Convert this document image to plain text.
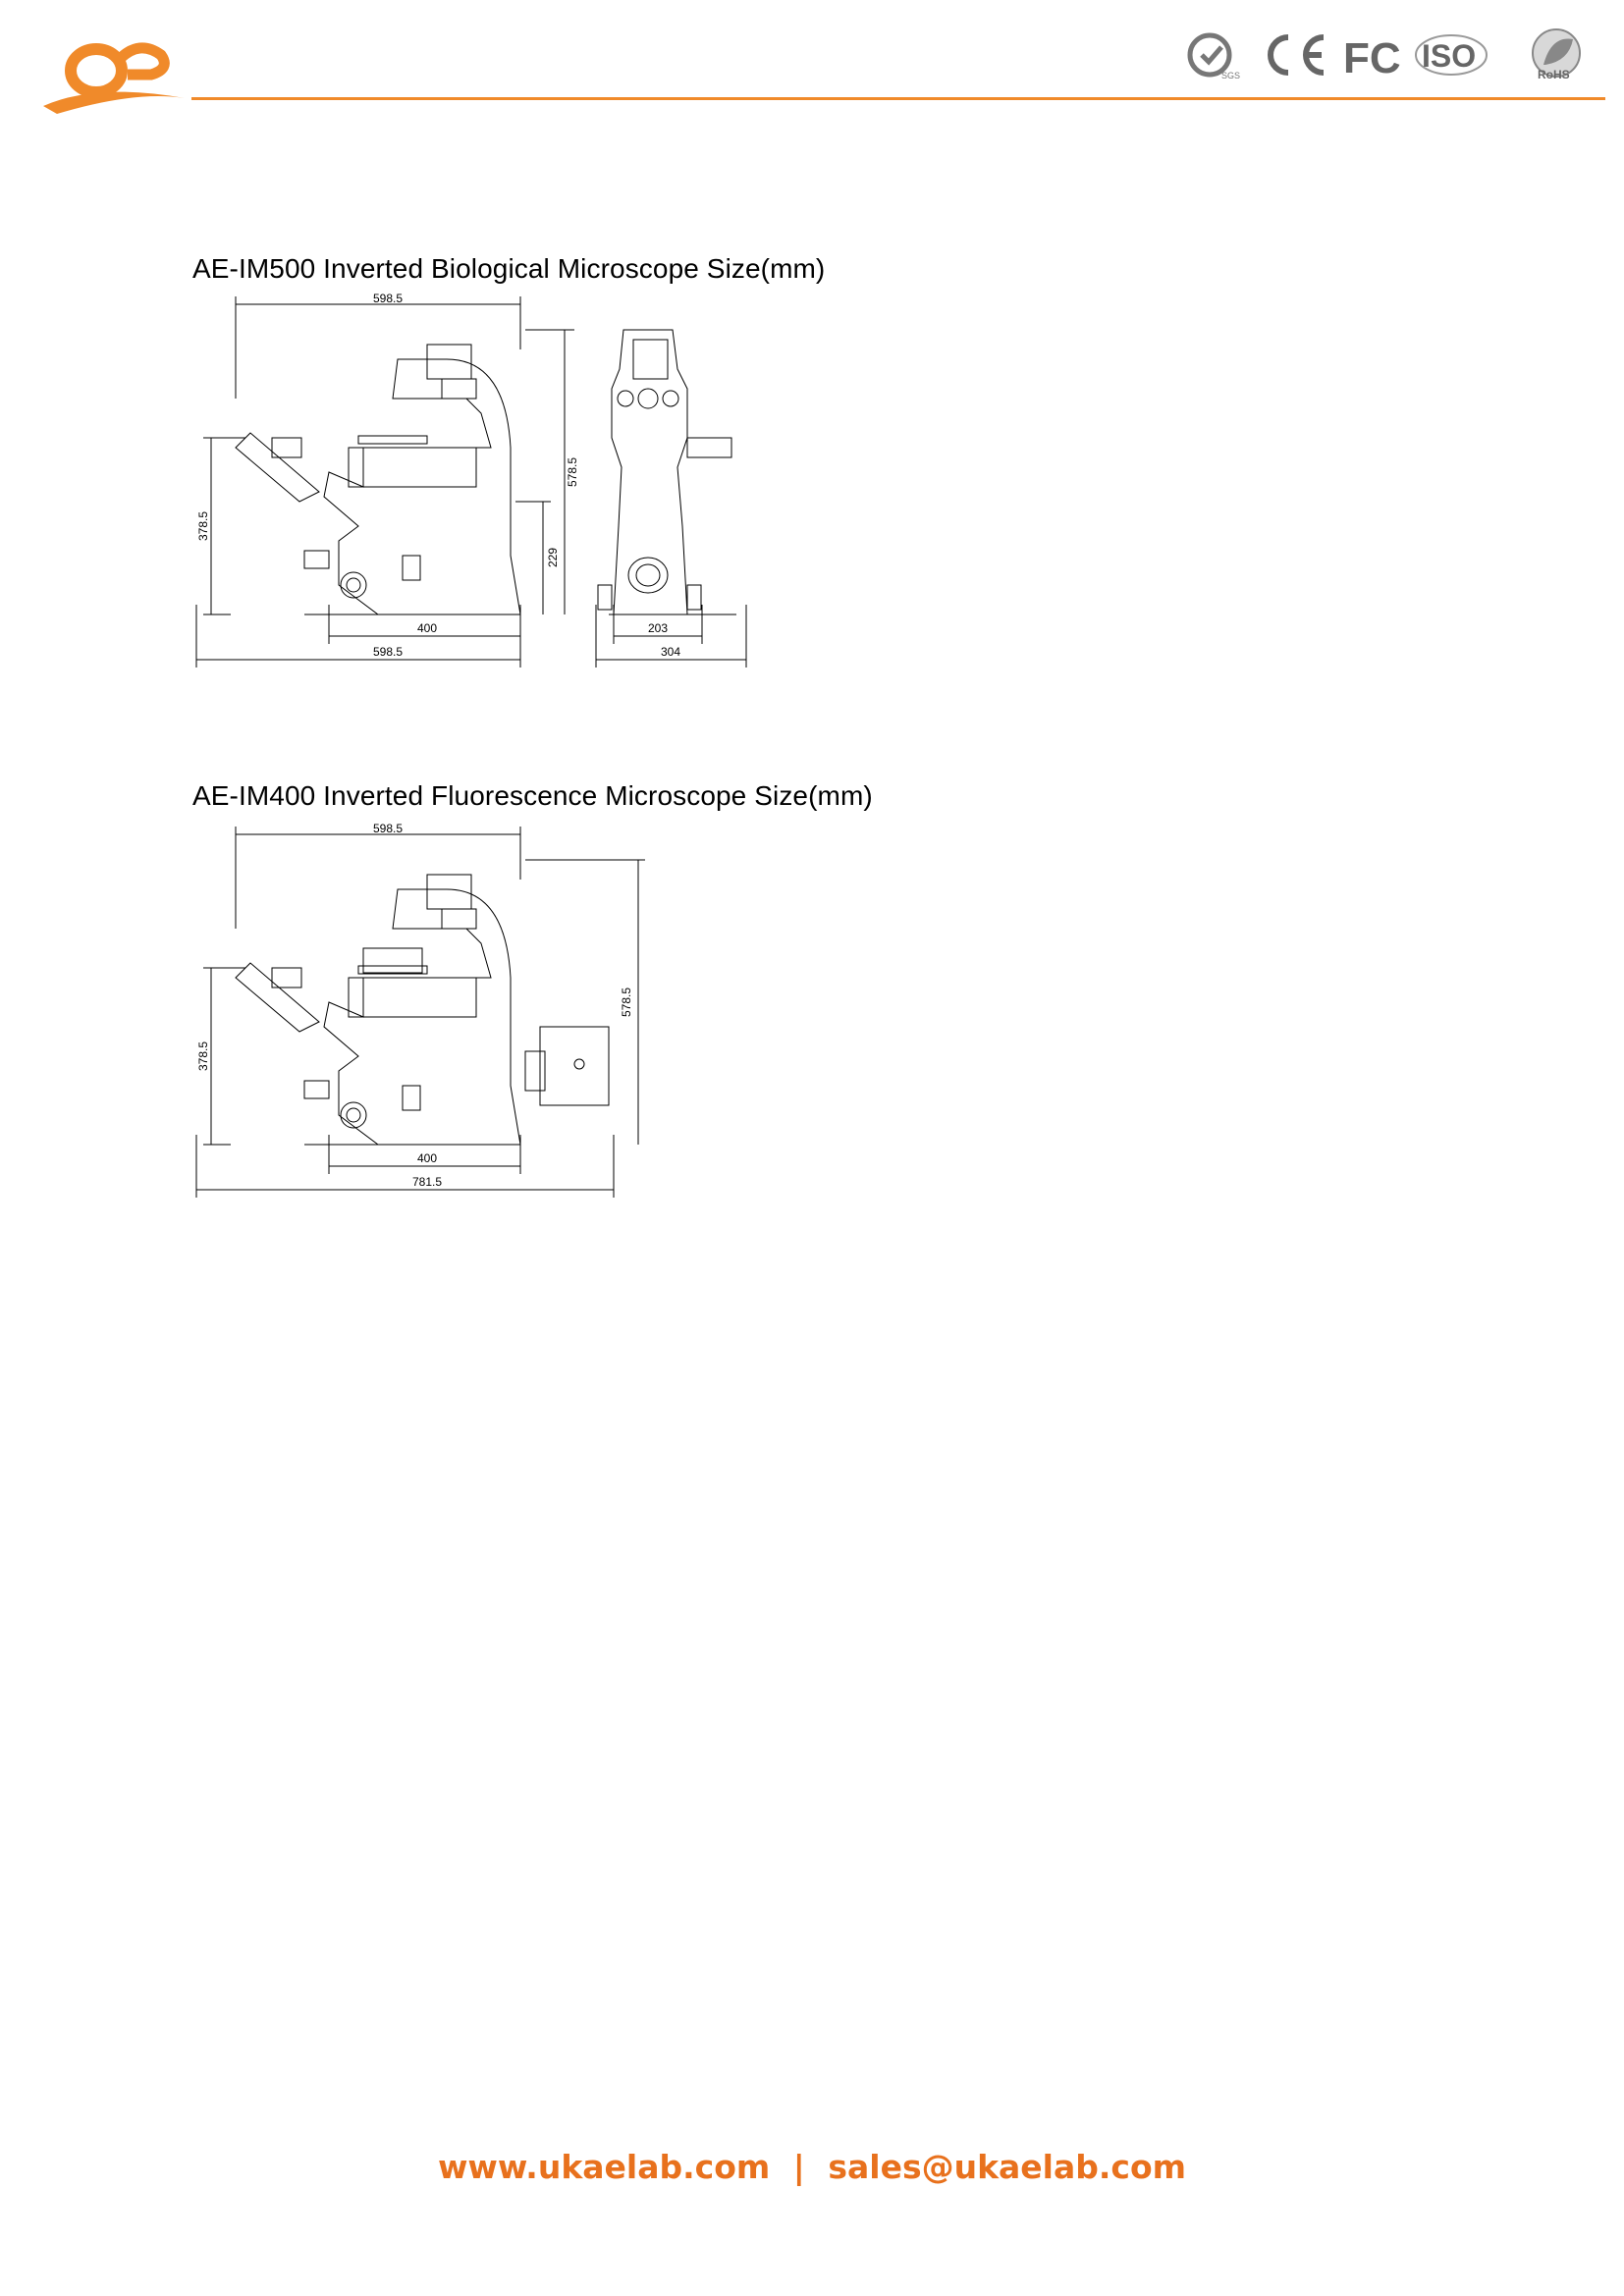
ae
SGS FC ISO
RoHS
AE-IM500 Inverted Biological Microscope Size(mm)
598.5
378.5
578.5
229
400
598.5
203
304
AE-IM400 Inverted Fluorescence Microscope Size(mm)
598.5
378.5
578.5
400
781.5
www.ukaelab.com | sales@ukaelab.com
